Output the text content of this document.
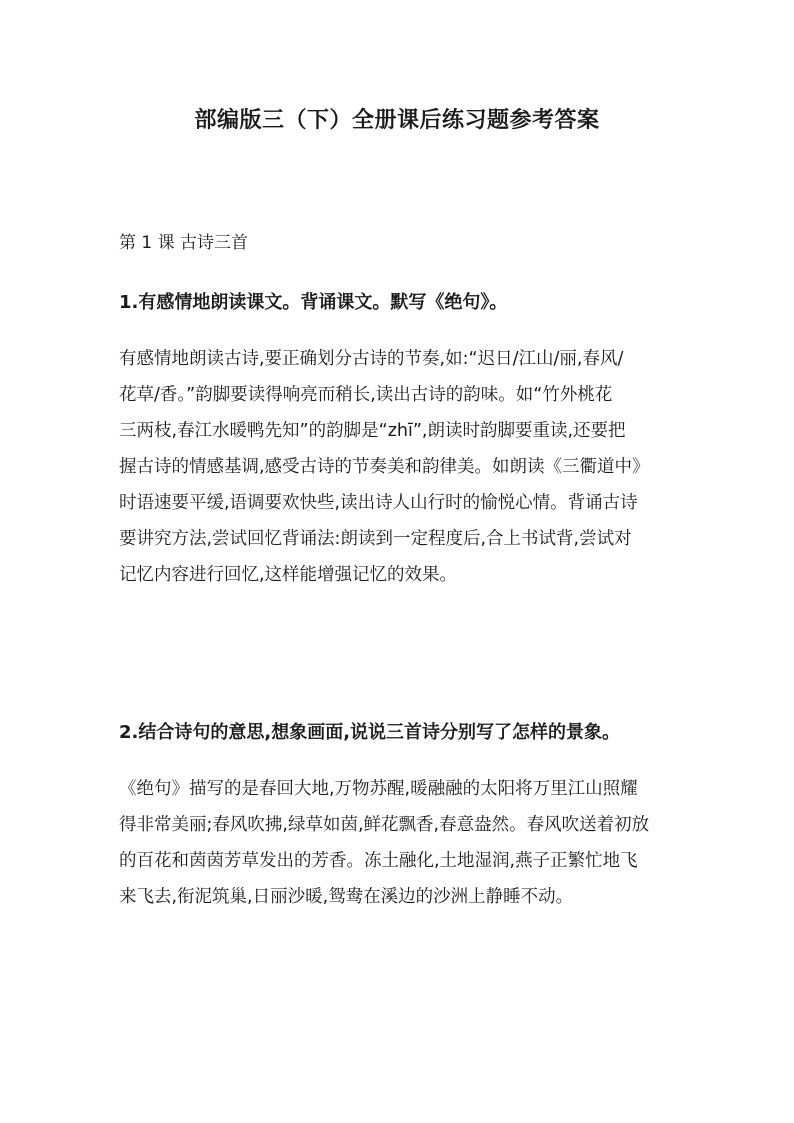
部编版三（下）全册课后练习题参考答案
第 1 课 古诗三首
1.有感情地朗读课文。背诵课文。默写《绝句》。
有感情地朗读古诗,要正确划分古诗的节奏,如:“迟日/江山/丽,春风/
花草/香。”韵脚要读得响亮而稍长,读出古诗的韵味。如“竹外桃花
三两枝,春江水暖鸭先知”的韵脚是“zhī”,朗读时韵脚要重读,还要把
握古诗的情感基调,感受古诗的节奏美和韵律美。如朗读《三衢道中》
时语速要平缓,语调要欢快些,读出诗人山行时的愉悦心情。背诵古诗
要讲究方法,尝试回忆背诵法:朗读到一定程度后,合上书试背,尝试对
记忆内容进行回忆,这样能增强记忆的效果。
2.结合诗句的意思,想象画面,说说三首诗分别写了怎样的景象。
《绝句》描写的是春回大地,万物苏醒,暖融融的太阳将万里江山照耀
得非常美丽;春风吹拂,绿草如茵,鲜花飘香,春意盎然。春风吹送着初放
的百花和茵茵芳草发出的芳香。冻土融化,土地湿润,燕子正繁忙地飞
来飞去,衔泥筑巢,日丽沙暖,鸳鸯在溪边的沙洲上静睡不动。
